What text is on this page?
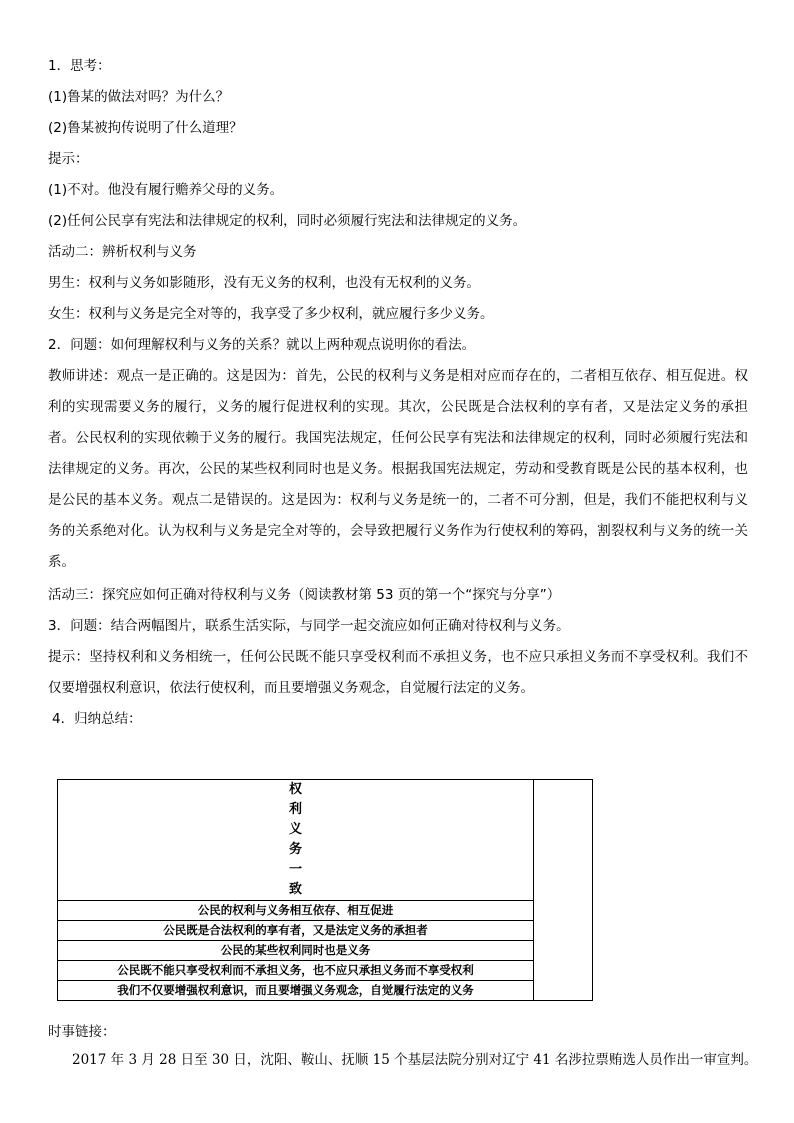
1．思考：
(1)鲁某的做法对吗？为什么？
(2)鲁某被拘传说明了什么道理？
提示：
(1)不对。他没有履行赡养父母的义务。
(2)任何公民享有宪法和法律规定的权利，同时必须履行宪法和法律规定的义务。
活动二：辨析权利与义务
男生：权利与义务如影随形，没有无义务的权利，也没有无权利的义务。
女生：权利与义务是完全对等的，我享受了多少权利，就应履行多少义务。
2．问题：如何理解权利与义务的关系？就以上两种观点说明你的看法。
教师讲述：观点一是正确的。这是因为：首先，公民的权利与义务是相对应而存在的，二者相互依存、相互促进。权利的实现需要义务的履行，义务的履行促进权利的实现。其次，公民既是合法权利的享有者，又是法定义务的承担者。公民权利的实现依赖于义务的履行。我国宪法规定，任何公民享有宪法和法律规定的权利，同时必须履行宪法和法律规定的义务。再次，公民的某些权利同时也是义务。根据我国宪法规定，劳动和受教育既是公民的基本权利，也是公民的基本义务。观点二是错误的。这是因为：权利与义务是统一的，二者不可分割，但是，我们不能把权利与义务的关系绝对化。认为权利与义务是完全对等的，会导致把履行义务作为行使权利的筹码，割裂权利与义务的统一关系。
活动三：探究应如何正确对待权利与义务（阅读教材第 53 页的第一个“探究与分享”）
3．问题：结合两幅图片，联系生活实际，与同学一起交流应如何正确对待权利与义务。
提示：坚持权利和义务相统一，任何公民既不能只享受权利而不承担义务，也不应只承担义务而不享受权利。我们不仅要增强权利意识，依法行使权利，而且要增强义务观念，自觉履行法定的义务。
4．归纳总结：
权
利
义
务
一
致

公民的权利与义务相互依存、相互促进
公民既是合法权利的享有者，又是法定义务的承担者
公民的某些权利同时也是义务
公民既不能只享受权利而不承担义务，也不应只承担义务而不享受权利
我们不仅要增强权利意识，而且要增强义务观念，自觉履行法定的义务
时事链接：
2017 年 3 月 28 日至 30 日，沈阳、鞍山、抚顺 15 个基层法院分别对辽宁 41 名涉拉票贿选人员作出一审宣判。
